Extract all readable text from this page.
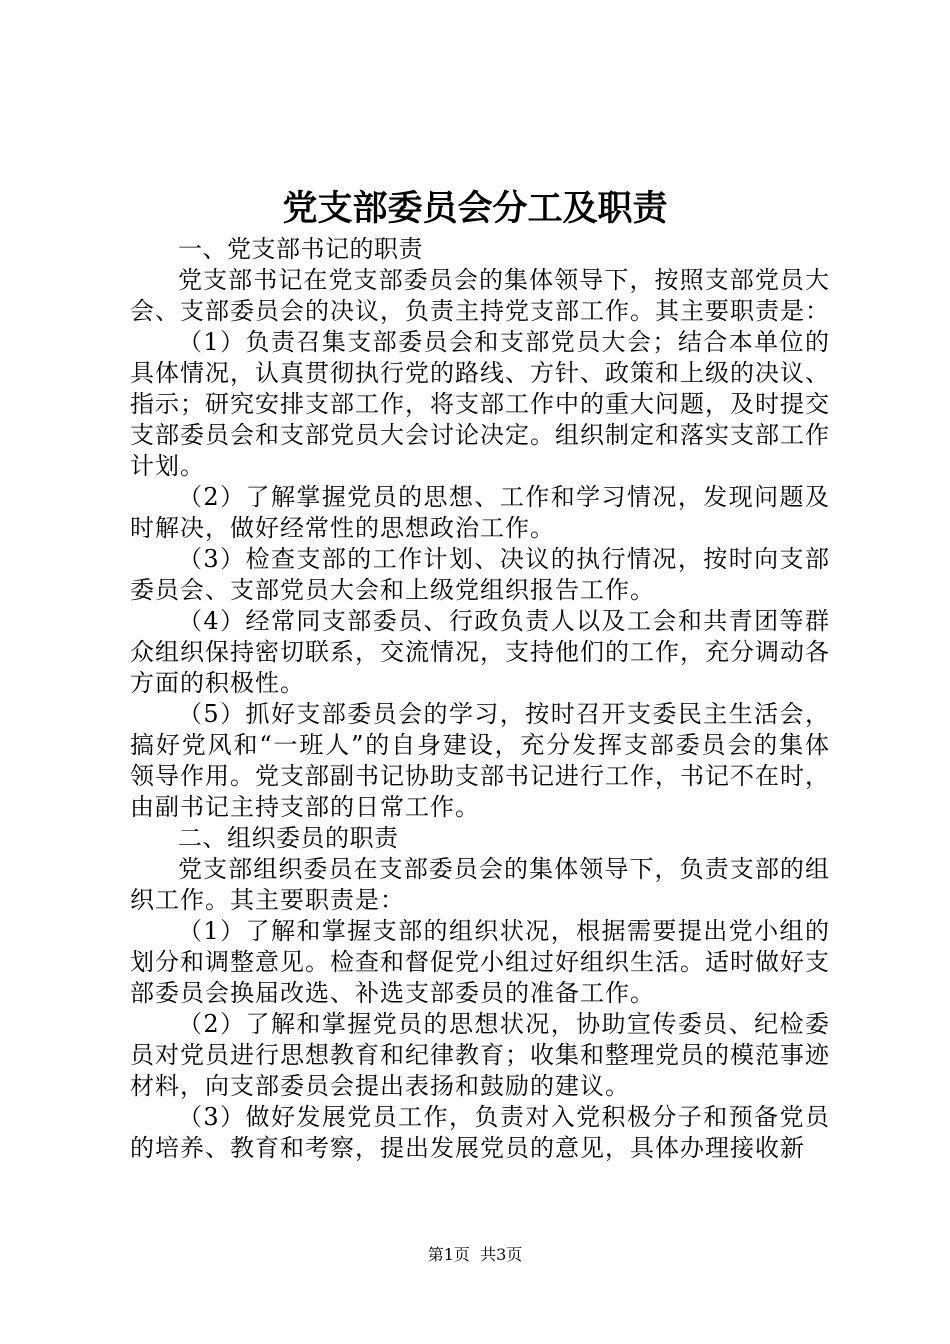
党支部委员会分工及职责

一、党支部书记的职责

党支部书记在党支部委员会的集体领导下，按照支部党员大会、支部委员会的决议，负责主持党支部工作。其主要职责是：

（1）负责召集支部委员会和支部党员大会；结合本单位的具体情况，认真贯彻执行党的路线、方针、政策和上级的决议、指示；研究安排支部工作，将支部工作中的重大问题，及时提交支部委员会和支部党员大会讨论决定。组织制定和落实支部工作计划。

（2）了解掌握党员的思想、工作和学习情况，发现问题及时解决，做好经常性的思想政治工作。

（3）检查支部的工作计划、决议的执行情况，按时向支部委员会、支部党员大会和上级党组织报告工作。

（4）经常同支部委员、行政负责人以及工会和共青团等群众组织保持密切联系，交流情况，支持他们的工作，充分调动各方面的积极性。

（5）抓好支部委员会的学习，按时召开支委民主生活会，搞好党风和“一班人”的自身建设，充分发挥支部委员会的集体领导作用。党支部副书记协助支部书记进行工作，书记不在时，由副书记主持支部的日常工作。

二、组织委员的职责

党支部组织委员在支部委员会的集体领导下，负责支部的组织工作。其主要职责是：

（1）了解和掌握支部的组织状况，根据需要提出党小组的划分和调整意见。检查和督促党小组过好组织生活。适时做好支部委员会换届改选、补选支部委员的准备工作。

（2）了解和掌握党员的思想状况，协助宣传委员、纪检委员对党员进行思想教育和纪律教育；收集和整理党员的模范事迹材料，向支部委员会提出表扬和鼓励的建议。

（3）做好发展党员工作，负责对入党积极分子和预备党员的培养、教育和考察，提出发展党员的意见，具体办理接收新

第1页  共3页
